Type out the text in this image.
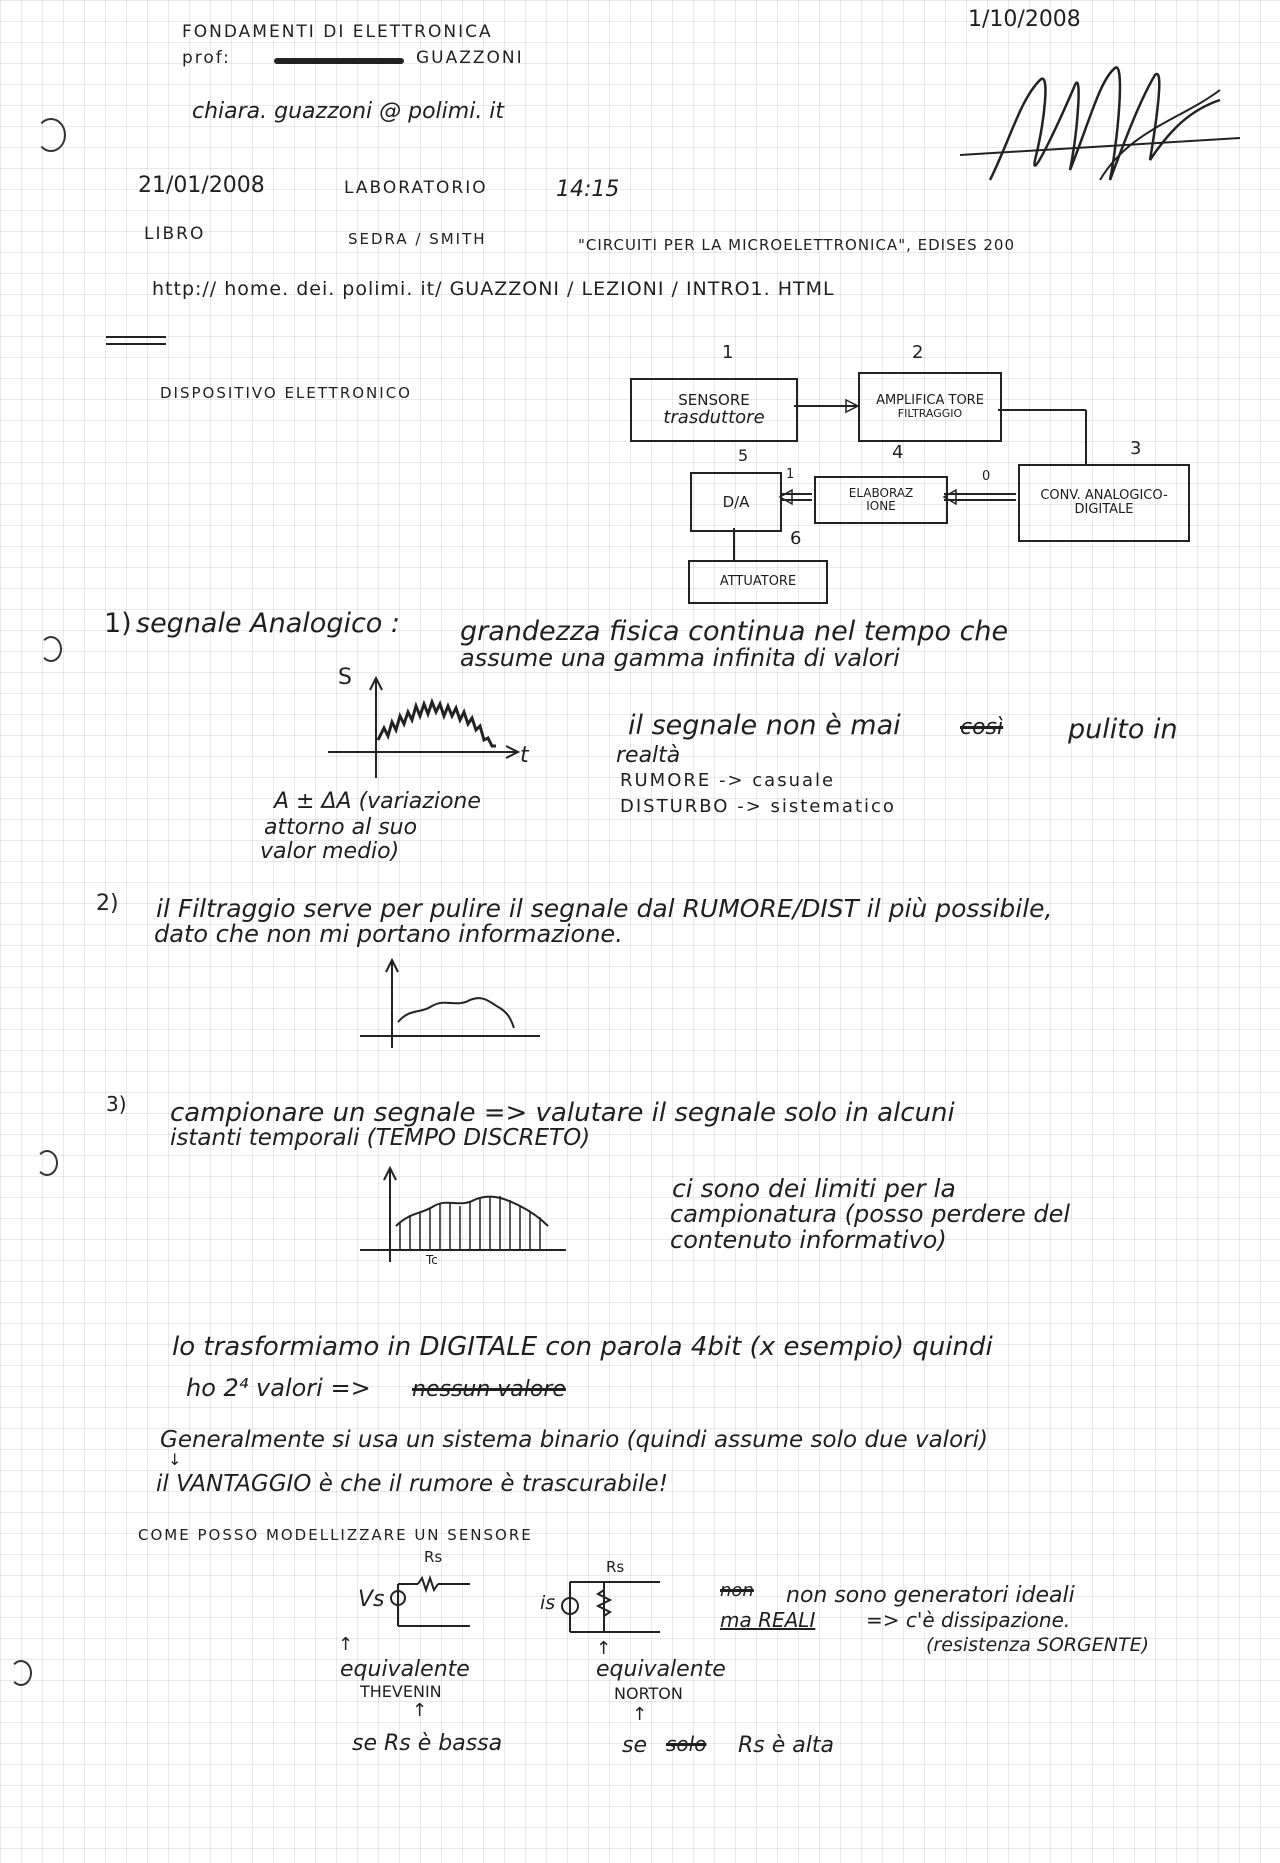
FONDAMENTI DI ELETTRONICA
prof:	GUAZZONI
1/10/2008
chiara. guazzoni @ polimi. it
21/01/2008	LABORATORIO	14:15
LIBRO	SEDRA / SMITH	"CIRCUITI PER LA MICROELETTRONICA", EDISES 200
http:// home. dei. polimi. it/ GUAZZONI / LEZIONI / INTRO1. HTML
DISPOSITIVO ELETTRONICO
1	2
3
4
5
6
SENSORE
trasduttore
AMPLIFICA TORE
FILTRAGGIO
CONV. ANALOGICO-
DIGITALE
ELABORAZ
IONE
D/A
ATTUATORE
0
1
1) segnale Analogico : grandezza fisica continua nel tempo che
assume una gamma infinita di valori
S
t
il segnale non è mai	così pulito in
realtà
RUMORE -> casuale
DISTURBO -> sistematico
A ± ΔA (variazione
attorno al suo
valor medio)
2) il Filtraggio serve per pulire il segnale dal RUMORE/DIST il più possibile,
dato che non mi portano informazione.
3) campionare un segnale => valutare il segnale solo in alcuni
istanti temporali (TEMPO DISCRETO)
Tc
ci sono dei limiti per la
campionatura (posso perdere del
contenuto informativo)
lo trasformiamo in DIGITALE con parola 4bit (x esempio) quindi
ho 2⁴ valori => nessun valore
Generalmente si usa un sistema binario (quindi assume solo due valori)
↓
il VANTAGGIO è che il rumore è trascurabile!
COME POSSO MODELLIZZARE UN SENSORE
Rs
Vs
Rs
is
non non sono generatori ideali
ma REALI	=> c'è dissipazione.
(resistenza SORGENTE)
↑
equivalente
THEVENIN
↑
se Rs è bassa
↑
equivalente
NORTON
↑
se solo Rs è alta
